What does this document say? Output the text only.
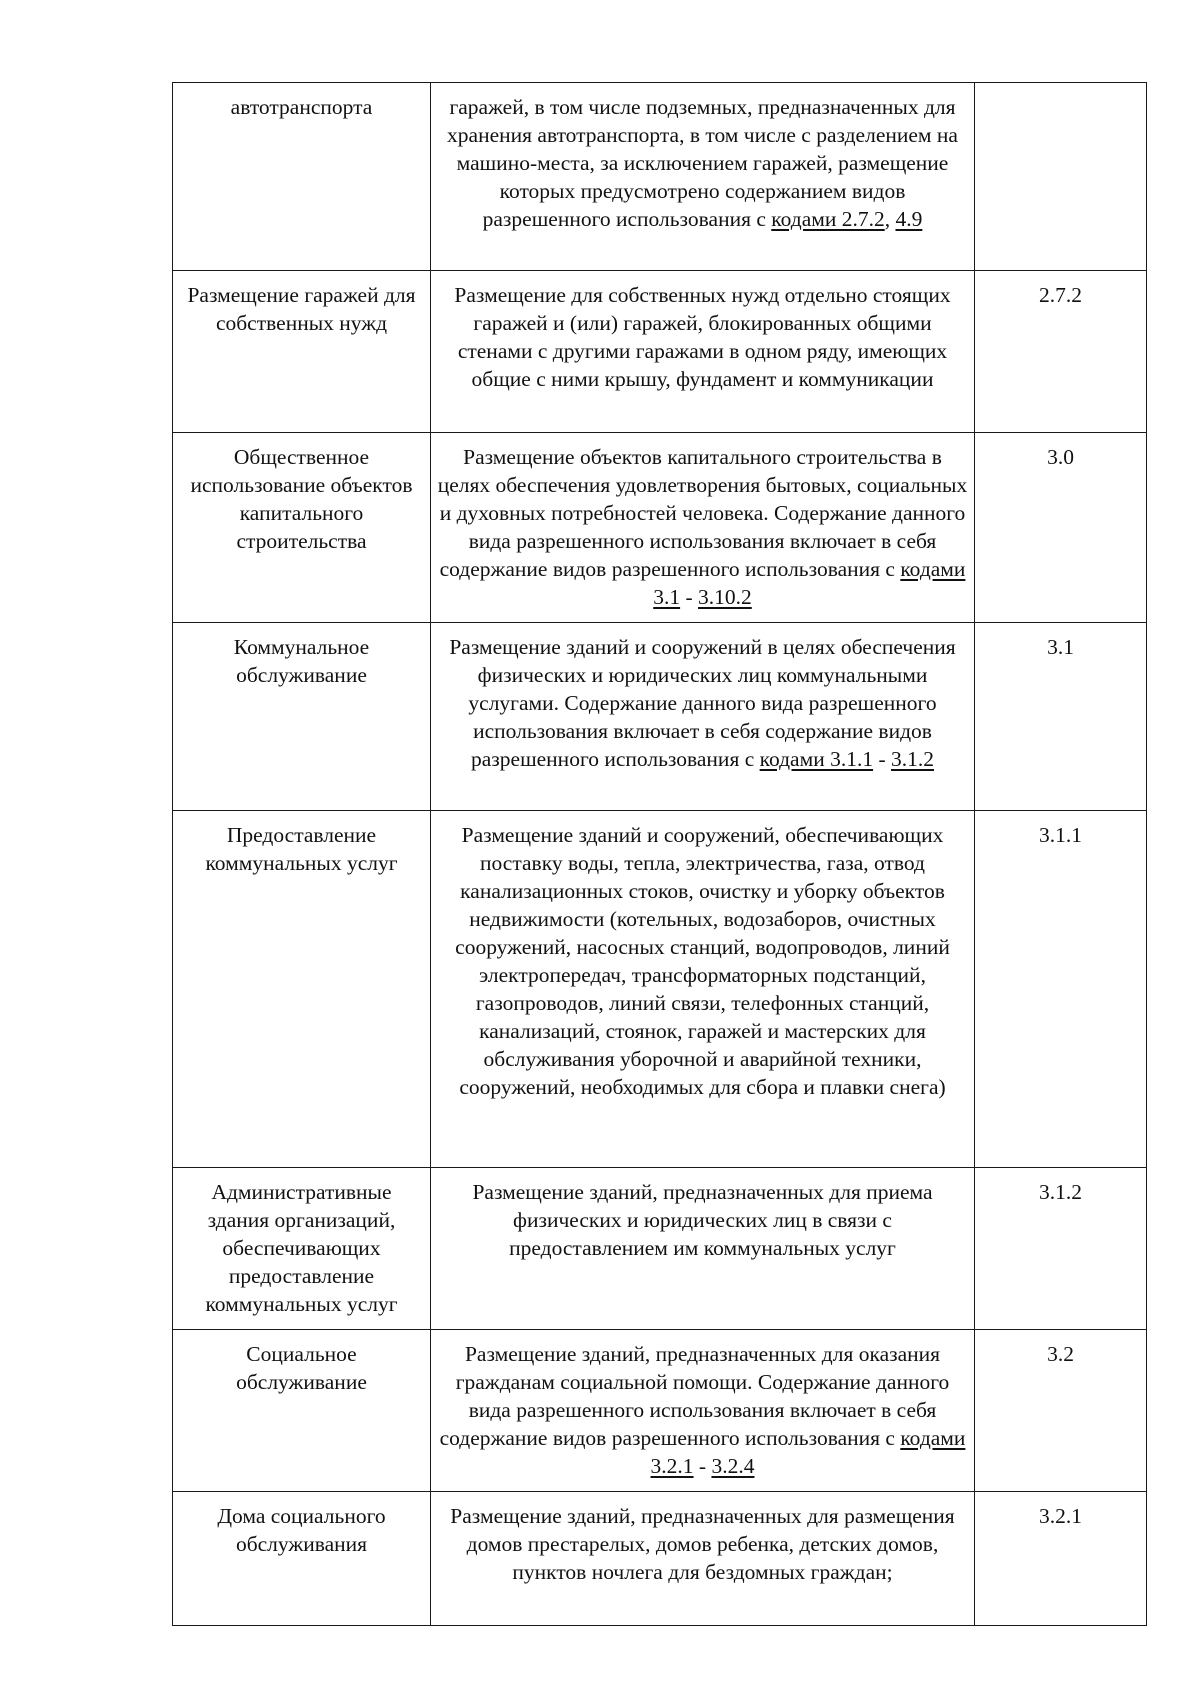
автотранспорта	гаражей, в том числе подземных, предназначенных для хранения автотранспорта, в том числе с разделением на машино-места, за исключением гаражей, размещение которых предусмотрено содержанием видов разрешенного использования с кодами 2.7.2, 4.9	
Размещение гаражей для собственных нужд	Размещение для собственных нужд отдельно стоящих гаражей и (или) гаражей, блокированных общими стенами с другими гаражами в одном ряду, имеющих общие с ними крышу, фундамент и коммуникации	2.7.2
Общественное использование объектов капитального строительства	Размещение объектов капитального строительства в целях обеспечения удовлетворения бытовых, социальных и духовных потребностей человека. Содержание данного вида разрешенного использования включает в себя содержание видов разрешенного использования с кодами 3.1 - 3.10.2	3.0
Коммунальное обслуживание	Размещение зданий и сооружений в целях обеспечения физических и юридических лиц коммунальными услугами. Содержание данного вида разрешенного использования включает в себя содержание видов разрешенного использования с кодами 3.1.1 - 3.1.2	3.1
Предоставление коммунальных услуг	Размещение зданий и сооружений, обеспечивающих поставку воды, тепла, электричества, газа, отвод канализационных стоков, очистку и уборку объектов недвижимости (котельных, водозаборов, очистных сооружений, насосных станций, водопроводов, линий электропередач, трансформаторных подстанций, газопроводов, линий связи, телефонных станций, канализаций, стоянок, гаражей и мастерских для обслуживания уборочной и аварийной техники, сооружений, необходимых для сбора и плавки снега)	3.1.1
Административные здания организаций, обеспечивающих предоставление коммунальных услуг	Размещение зданий, предназначенных для приема физических и юридических лиц в связи с предоставлением им коммунальных услуг	3.1.2
Социальное обслуживание	Размещение зданий, предназначенных для оказания гражданам социальной помощи. Содержание данного вида разрешенного использования включает в себя содержание видов разрешенного использования с кодами 3.2.1 - 3.2.4	3.2
Дома социального обслуживания	Размещение зданий, предназначенных для размещения домов престарелых, домов ребенка, детских домов, пунктов ночлега для бездомных граждан;	3.2.1
